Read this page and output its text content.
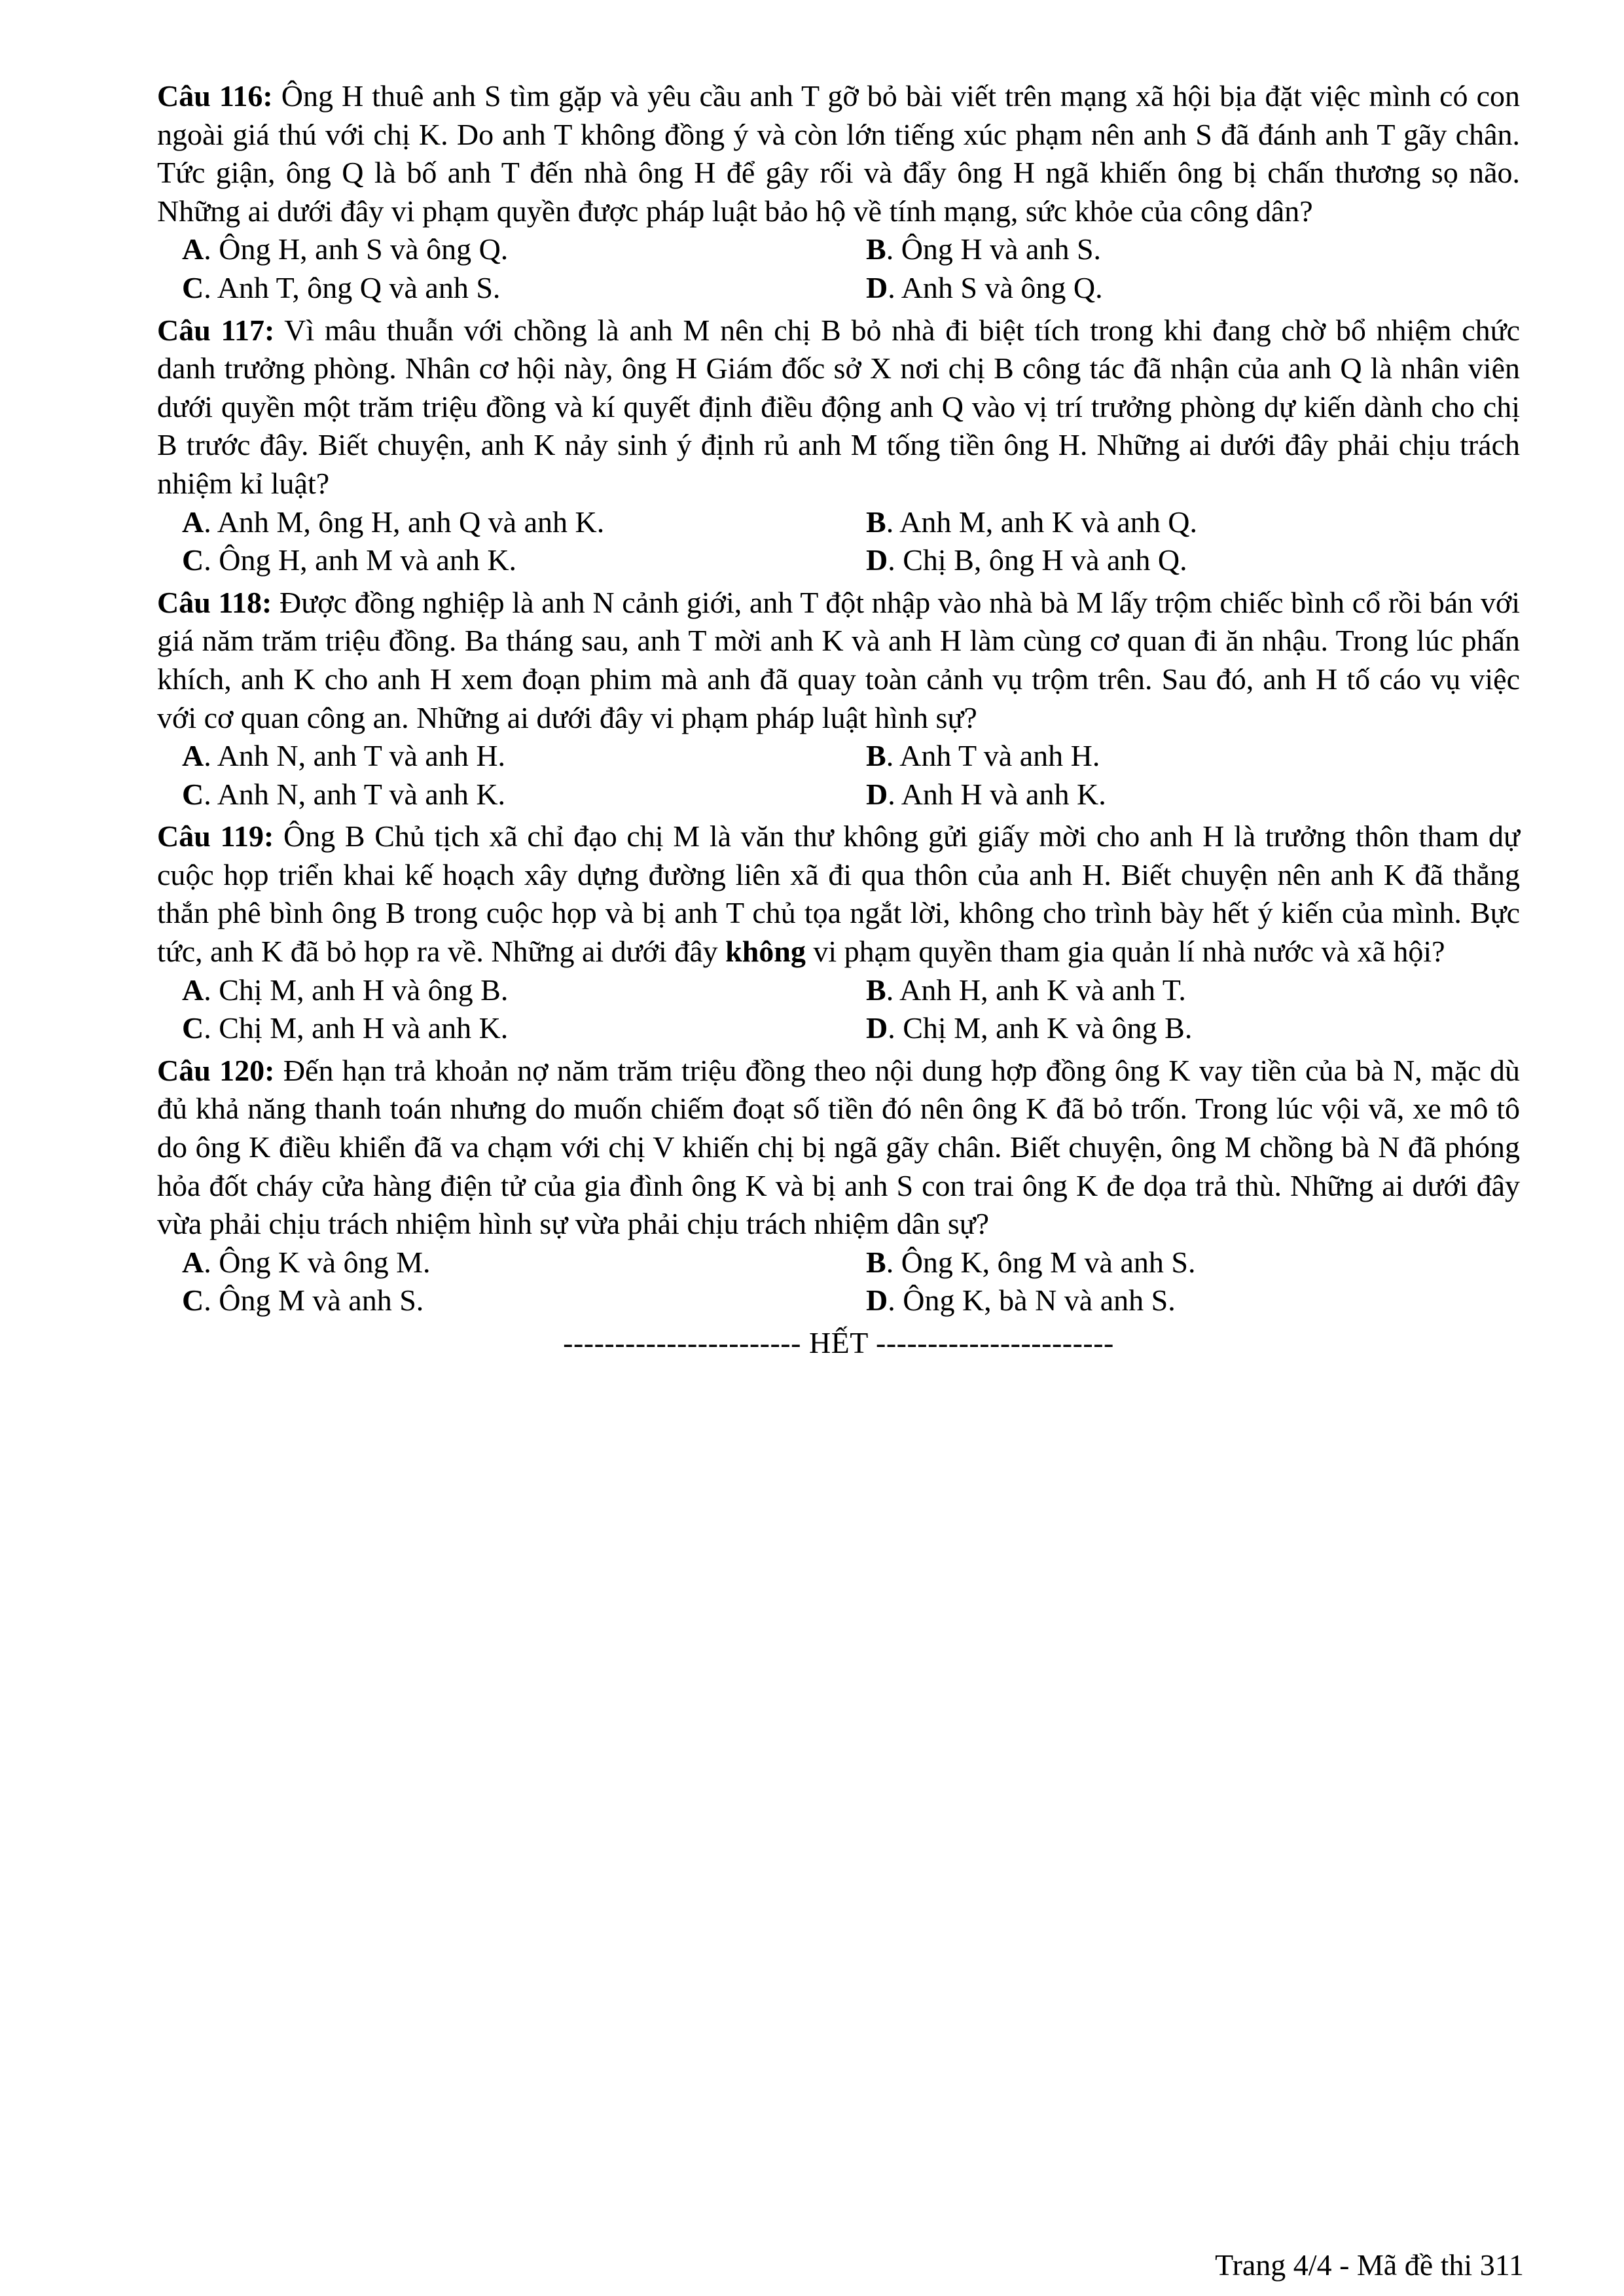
Câu 116: Ông H thuê anh S tìm gặp và yêu cầu anh T gỡ bỏ bài viết trên mạng xã hội bịa đặt việc mình có con ngoài giá thú với chị K. Do anh T không đồng ý và còn lớn tiếng xúc phạm nên anh S đã đánh anh T gãy chân. Tức giận, ông Q là bố anh T đến nhà ông H để gây rối và đẩy ông H ngã khiến ông bị chấn thương sọ não. Những ai dưới đây vi phạm quyền được pháp luật bảo hộ về tính mạng, sức khỏe của công dân?

A. Ông H, anh S và ông Q.	B. Ông H và anh S.
C. Anh T, ông Q và anh S.	D. Anh S và ông Q.

Câu 117: Vì mâu thuẫn với chồng là anh M nên chị B bỏ nhà đi biệt tích trong khi đang chờ bổ nhiệm chức danh trưởng phòng. Nhân cơ hội này, ông H Giám đốc sở X nơi chị B công tác đã nhận của anh Q là nhân viên dưới quyền một trăm triệu đồng và kí quyết định điều động anh Q vào vị trí trưởng phòng dự kiến dành cho chị B trước đây. Biết chuyện, anh K nảy sinh ý định rủ anh M tống tiền ông H. Những ai dưới đây phải chịu trách nhiệm kỉ luật?

A. Anh M, ông H, anh Q và anh K.	B. Anh M, anh K và anh Q.
C. Ông H, anh M và anh K.	D. Chị B, ông H và anh Q.

Câu 118: Được đồng nghiệp là anh N cảnh giới, anh T đột nhập vào nhà bà M lấy trộm chiếc bình cổ rồi bán với giá năm trăm triệu đồng. Ba tháng sau, anh T mời anh K và anh H làm cùng cơ quan đi ăn nhậu. Trong lúc phấn khích, anh K cho anh H xem đoạn phim mà anh đã quay toàn cảnh vụ trộm trên. Sau đó, anh H tố cáo vụ việc với cơ quan công an. Những ai dưới đây vi phạm pháp luật hình sự?

A. Anh N, anh T và anh H.	B. Anh T và anh H.
C. Anh N, anh T và anh K.	D. Anh H và anh K.

Câu 119: Ông B Chủ tịch xã chỉ đạo chị M là văn thư không gửi giấy mời cho anh H là trưởng thôn tham dự cuộc họp triển khai kế hoạch xây dựng đường liên xã đi qua thôn của anh H. Biết chuyện nên anh K đã thẳng thắn phê bình ông B trong cuộc họp và bị anh T chủ tọa ngắt lời, không cho trình bày hết ý kiến của mình. Bực tức, anh K đã bỏ họp ra về. Những ai dưới đây không vi phạm quyền tham gia quản lí nhà nước và xã hội?

A. Chị M, anh H và ông B.	B. Anh H, anh K và anh T.
C. Chị M, anh H và anh K.	D. Chị M, anh K và ông B.

Câu 120: Đến hạn trả khoản nợ năm trăm triệu đồng theo nội dung hợp đồng ông K vay tiền của bà N, mặc dù đủ khả năng thanh toán nhưng do muốn chiếm đoạt số tiền đó nên ông K đã bỏ trốn. Trong lúc vội vã, xe mô tô do ông K điều khiển đã va chạm với chị V khiến chị bị ngã gãy chân. Biết chuyện, ông M chồng bà N đã phóng hỏa đốt cháy cửa hàng điện tử của gia đình ông K và bị anh S con trai ông K đe dọa trả thù. Những ai dưới đây vừa phải chịu trách nhiệm hình sự vừa phải chịu trách nhiệm dân sự?

A. Ông K và ông M.	B. Ông K, ông M và anh S.
C. Ông M và anh S.	D. Ông K, bà N và anh S.
----------------------- HẾT -----------------------
Trang 4/4 - Mã đề thi 311
